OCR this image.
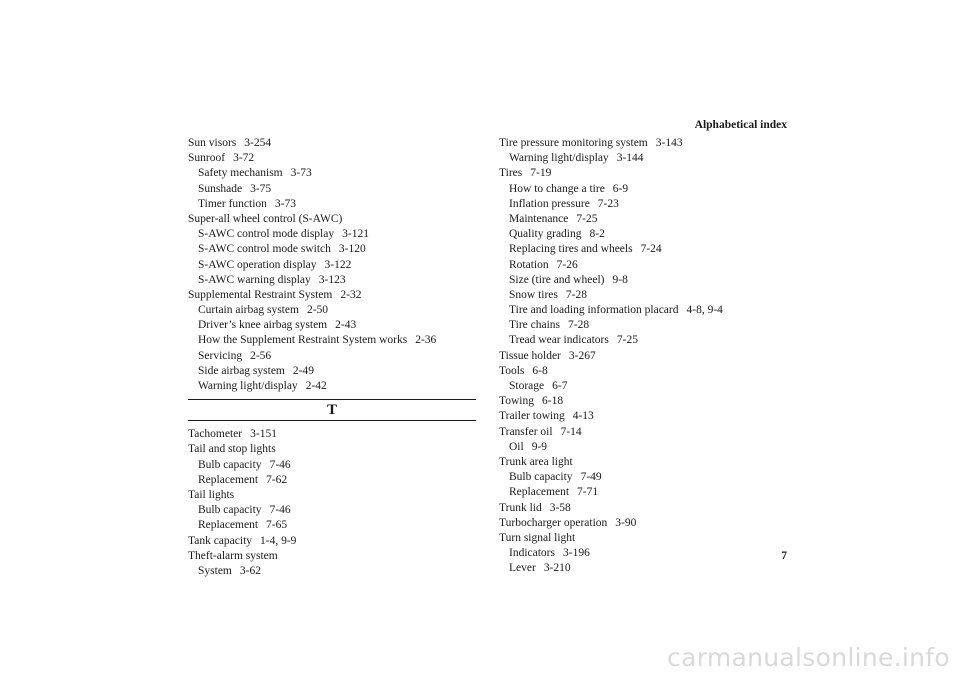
Alphabetical index
Sun visors 3-254
Sunroof 3-72
Safety mechanism 3-73
Sunshade 3-75
Timer function 3-73
Super-all wheel control (S-AWC)
S-AWC control mode display 3-121
S-AWC control mode switch 3-120
S-AWC operation display 3-122
S-AWC warning display 3-123
Supplemental Restraint System 2-32
Curtain airbag system 2-50
Driver’s knee airbag system 2-43
How the Supplement Restraint System works 2-36
Servicing 2-56
Side airbag system 2-49
Warning light/display 2-42
T
Tachometer 3-151
Tail and stop lights
Bulb capacity 7-46
Replacement 7-62
Tail lights
Bulb capacity 7-46
Replacement 7-65
Tank capacity 1-4, 9-9
Theft-alarm system
System 3-62
Tire pressure monitoring system 3-143
Warning light/display 3-144
Tires 7-19
How to change a tire 6-9
Inflation pressure 7-23
Maintenance 7-25
Quality grading 8-2
Replacing tires and wheels 7-24
Rotation 7-26
Size (tire and wheel) 9-8
Snow tires 7-28
Tire and loading information placard 4-8, 9-4
Tire chains 7-28
Tread wear indicators 7-25
Tissue holder 3-267
Tools 6-8
Storage 6-7
Towing 6-18
Trailer towing 4-13
Transfer oil 7-14
Oil 9-9
Trunk area light
Bulb capacity 7-49
Replacement 7-71
Trunk lid 3-58
Turbocharger operation 3-90
Turn signal light
Indicators 3-196
Lever 3-210
7
carmanualsonline.info
